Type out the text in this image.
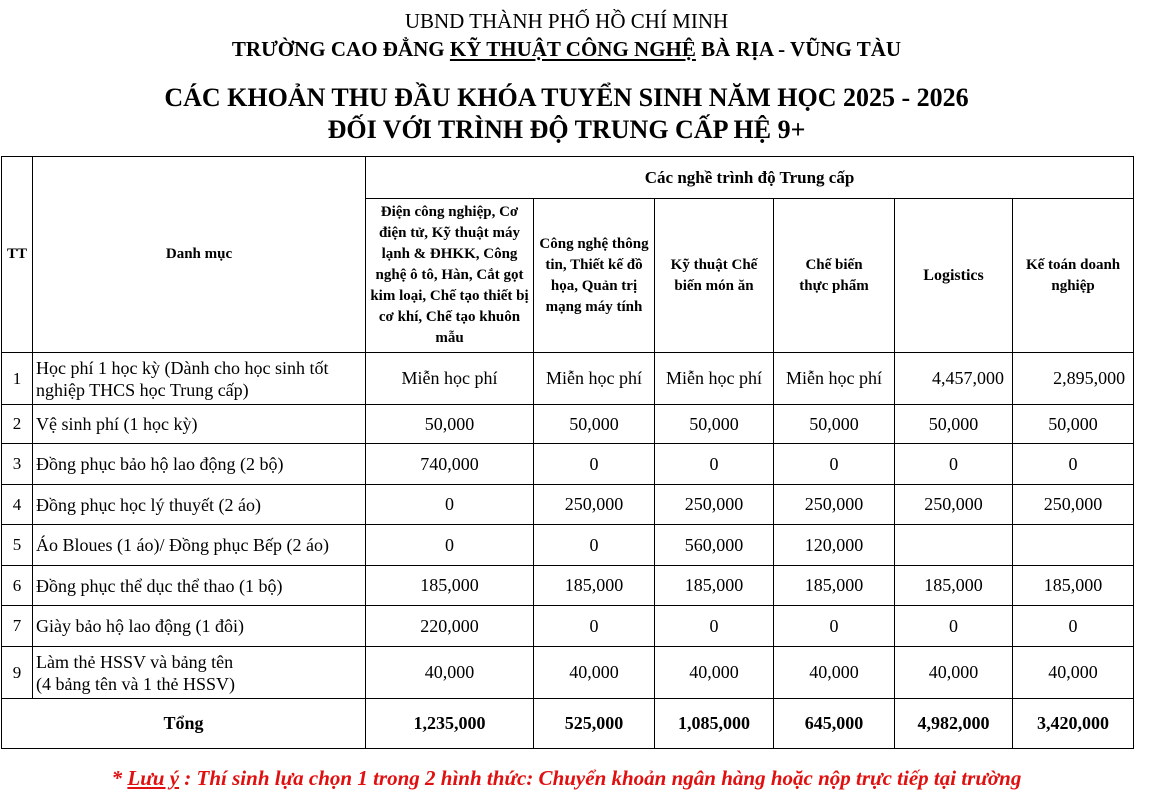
UBND THÀNH PHỐ HỒ CHÍ MINH
TRƯỜNG CAO ĐẲNG KỸ THUẬT CÔNG NGHỆ BÀ RỊA - VŨNG TÀU
CÁC KHOẢN THU ĐẦU KHÓA TUYỂN SINH NĂM HỌC 2025 - 2026
ĐỐI VỚI TRÌNH ĐỘ TRUNG CẤP HỆ 9+
TT	Danh mục	Các nghề trình độ Trung cấp					
		Điện công nghiệp, Cơ điện tử, Kỹ thuật máy lạnh & ĐHKK, Công nghệ ô tô, Hàn, Cắt gọt kim loại, Chế tạo thiết bị cơ khí, Chế tạo khuôn mẫu	Công nghệ thông tin, Thiết kế đồ họa, Quản trị mạng máy tính	Kỹ thuật Chế biến món ăn	Chế biến thực phẩm	Logistics	Kế toán doanh nghiệp
1	Học phí 1 học kỳ (Dành cho học sinh tốt nghiệp THCS học Trung cấp)	Miễn học phí	Miễn học phí	Miễn học phí	Miễn học phí	4,457,000	2,895,000
2	Vệ sinh phí (1 học kỳ)	50,000	50,000	50,000	50,000	50,000	50,000
3	Đồng phục bảo hộ lao động (2 bộ)	740,000	0	0	0	0	0
4	Đồng phục học lý thuyết (2 áo)	0	250,000	250,000	250,000	250,000	250,000
5	Áo Bloues (1 áo)/ Đồng phục Bếp (2 áo)	0	0	560,000	120,000		
6	Đồng phục thể dục thể thao (1 bộ)	185,000	185,000	185,000	185,000	185,000	185,000
7	Giày bảo hộ lao động (1 đôi)	220,000	0	0	0	0	0
9	Làm thẻ HSSV và bảng tên
(4 bảng tên và 1 thẻ HSSV)	40,000	40,000	40,000	40,000	40,000	40,000
Tổng		1,235,000	525,000	1,085,000	645,000	4,982,000	3,420,000
* Lưu ý : Thí sinh lựa chọn 1 trong 2 hình thức: Chuyển khoản ngân hàng hoặc nộp trực tiếp tại trường
